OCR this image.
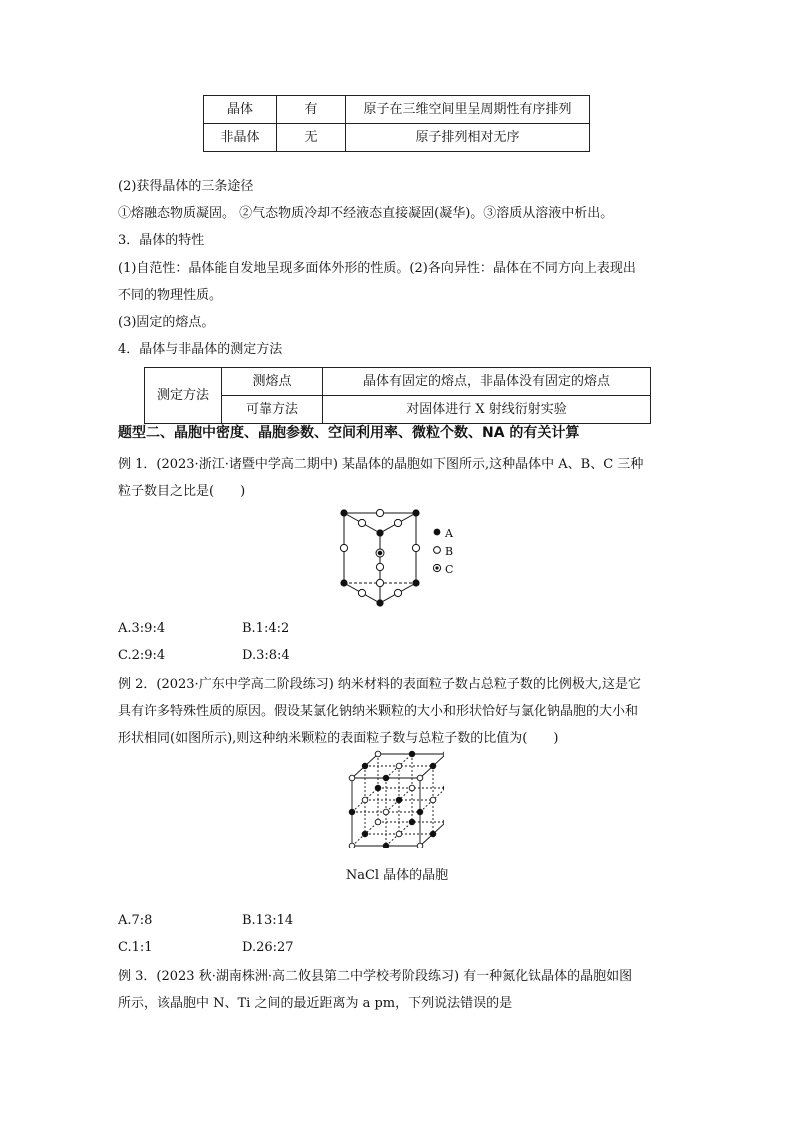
晶体	有	原子在三维空间里呈周期性有序排列
非晶体	无	原子排列相对无序
(2)获得晶体的三条途径
①熔融态物质凝固。 ②气态物质冷却不经液态直接凝固(凝华)。③溶质从溶液中析出。
3．晶体的特性
(1)自范性：晶体能自发地呈现多面体外形的性质。(2)各向异性：晶体在不同方向上表现出
不同的物理性质。
(3)固定的熔点。
4．晶体与非晶体的测定方法
测定方法	测熔点	晶体有固定的熔点，非晶体没有固定的熔点
	可靠方法	对固体进行 X 射线衍射实验
题型二、晶胞中密度、晶胞参数、空间利用率、微粒个数、NA 的有关计算
例 1．(2023·浙江·诸暨中学高二期中) 某晶体的晶胞如下图所示,这种晶体中 A、B、C 三种
粒子数目之比是(　　)
A
B
C
A.3:9:4	B.1:4:2
C.2:9:4	D.3:8:4
例 2．(2023·广东中学高二阶段练习) 纳米材料的表面粒子数占总粒子数的比例极大,这是它
具有许多特殊性质的原因。假设某氯化钠纳米颗粒的大小和形状恰好与氯化钠晶胞的大小和
形状相同(如图所示),则这种纳米颗粒的表面粒子数与总粒子数的比值为(　　)
NaCl 晶体的晶胞
A.7:8	B.13:14
C.1:1	D.26:27
例 3．(2023 秋·湖南株洲·高二攸县第二中学校考阶段练习) 有一种氮化钛晶体的晶胞如图
所示，该晶胞中 N、Ti 之间的最近距离为 a pm，下列说法错误的是
